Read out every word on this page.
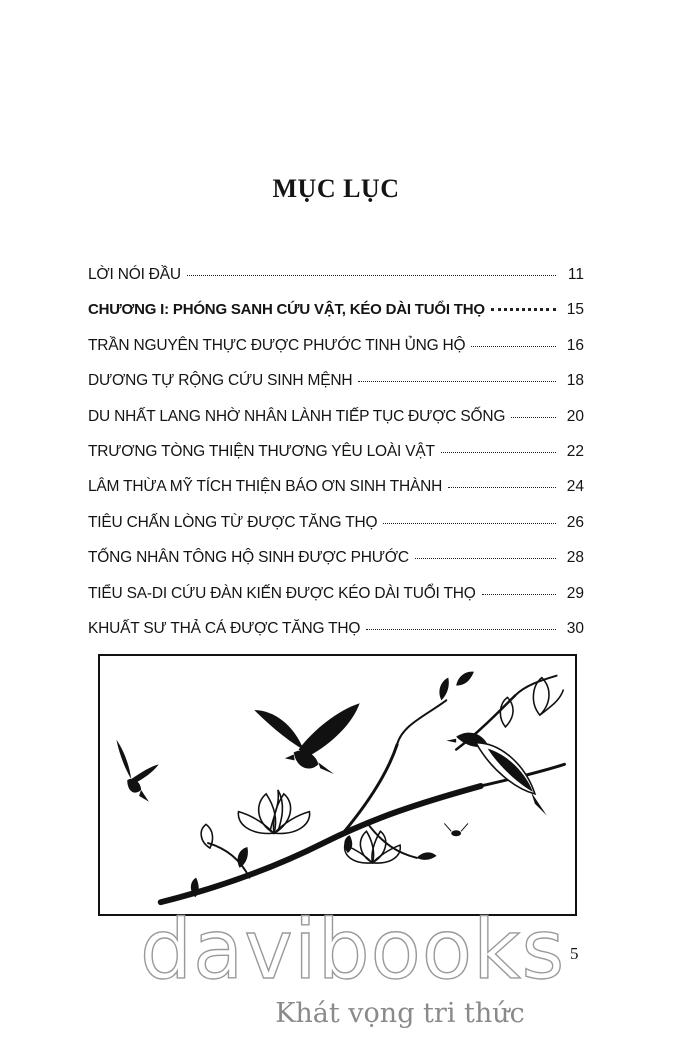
MỤC LỤC
LỜI NÓI ĐẦU	11
CHƯƠNG I: PHÓNG SANH CỨU VẬT, KÉO DÀI TUỔI THỌ	15
TRẦN NGUYÊN THỰC ĐƯỢC PHƯỚC TINH ỦNG HỘ	16
DƯƠNG TỰ RỘNG CỨU SINH MỆNH	18
DU NHẤT LANG NHỜ NHÂN LÀNH TIẾP TỤC ĐƯỢC SỐNG	20
TRƯƠNG TÒNG THIỆN THƯƠNG YÊU LOÀI VẬT	22
LÂM THỪA MỸ TÍCH THIỆN BÁO ƠN SINH THÀNH	24
TIÊU CHẤN LÒNG TỪ ĐƯỢC TĂNG THỌ	26
TỐNG NHÂN TÔNG HỘ SINH ĐƯỢC PHƯỚC	28
TIỂU SA-DI CỨU ĐÀN KIẾN ĐƯỢC KÉO DÀI TUỔI THỌ	29
KHUẤT SƯ THẢ CÁ ĐƯỢC TĂNG THỌ	30
5
davibooks
Khát vọng tri thức
